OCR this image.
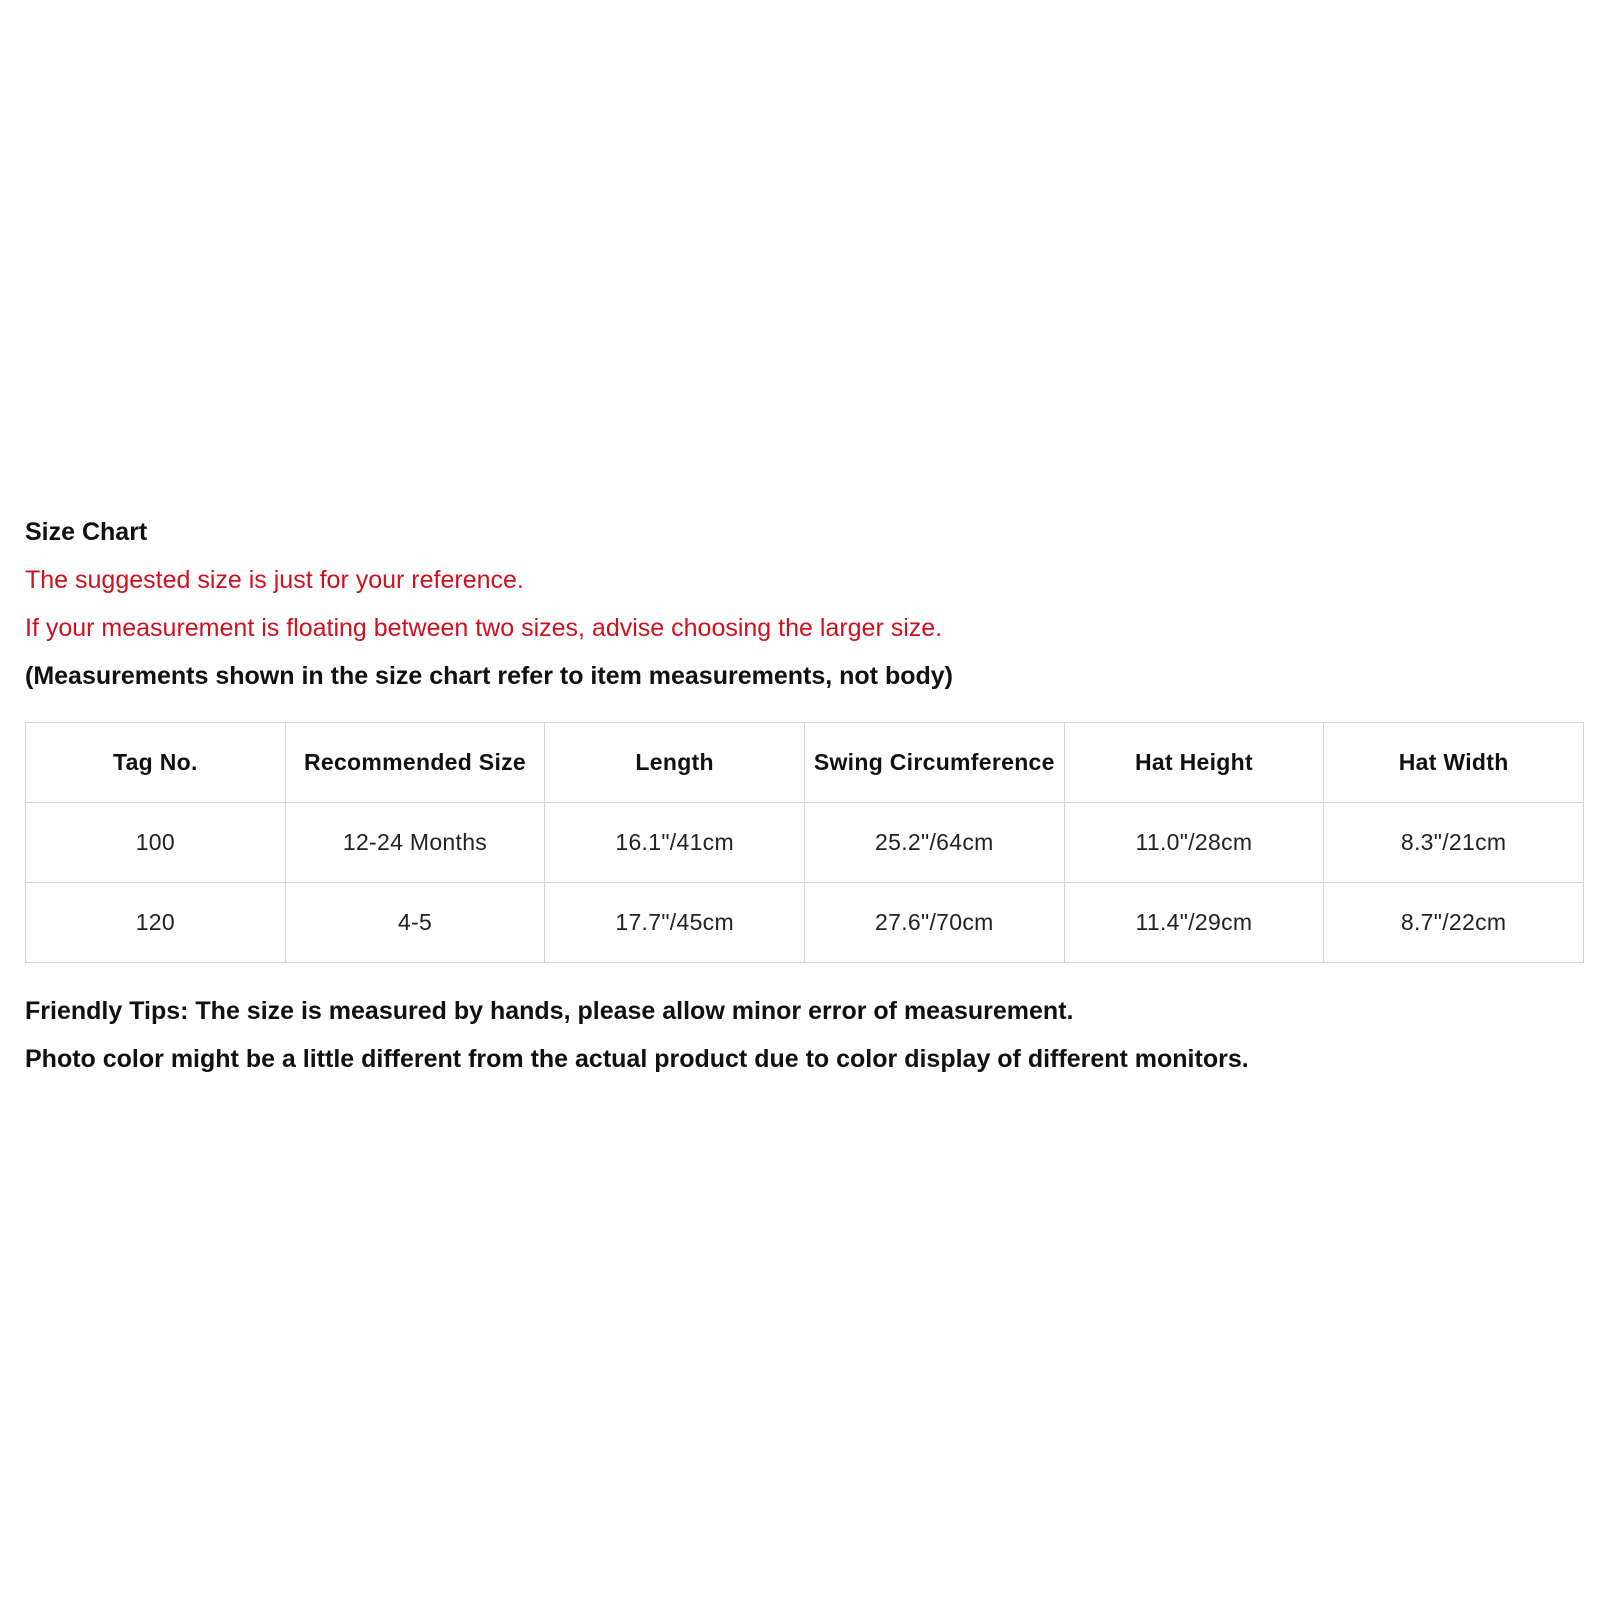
Size Chart
The suggested size is just for your reference.
If your measurement is floating between two sizes, advise choosing the larger size.
(Measurements shown in the size chart refer to item measurements, not body)
Tag No.	Recommended Size	Length	Swing Circumference	Hat Height	Hat Width
100	12-24 Months	16.1"/41cm	25.2"/64cm	11.0"/28cm	8.3"/21cm
120	4-5	17.7"/45cm	27.6"/70cm	11.4"/29cm	8.7"/22cm
Friendly Tips: The size is measured by hands, please allow minor error of measurement.
Photo color might be a little different from the actual product due to color display of different monitors.
